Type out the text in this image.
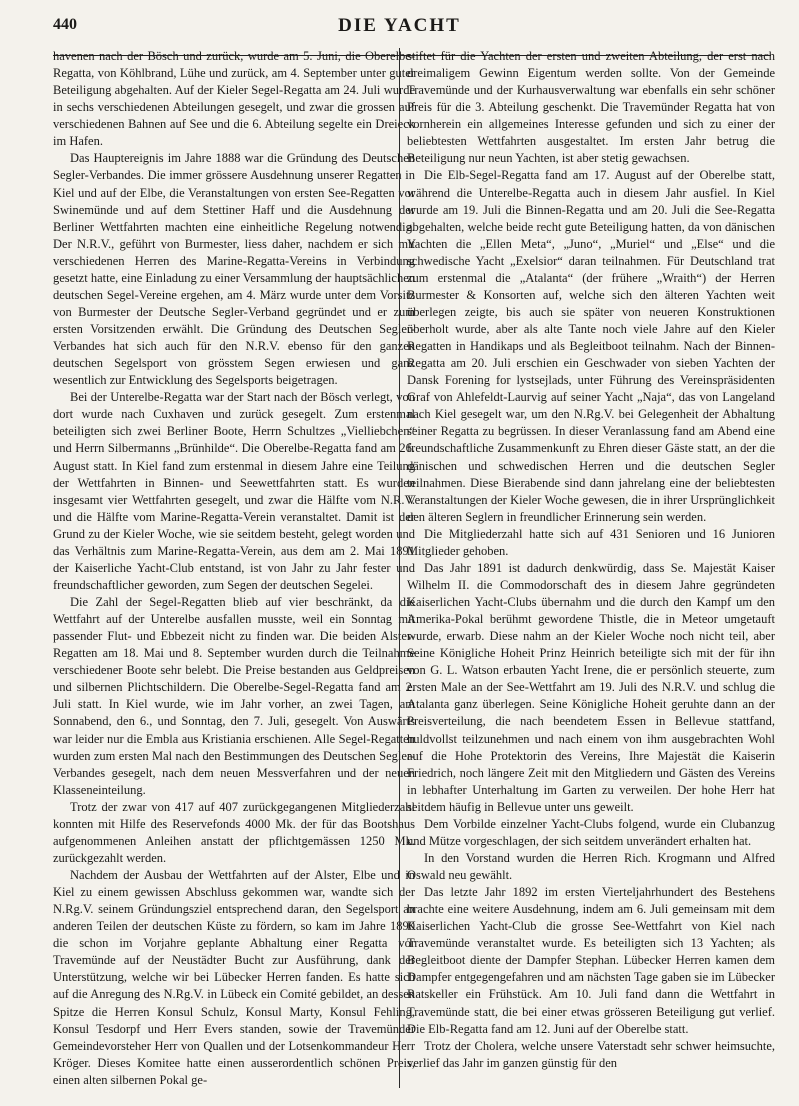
440	DIE YACHT

havenen nach der Bösch und zurück, wurde am 5. Juni, die Oberelbe-Regatta, von Köhlbrand, Lühe und zurück, am 4. September unter guter Beteiligung abgehalten. Auf der Kieler Segel-Regatta am 24. Juli wurde in sechs verschiedenen Abteilungen gesegelt, und zwar die grossen auf verschiedenen Bahnen auf See und die 6. Abteilung segelte ein Dreieck im Hafen.

Das Hauptereignis im Jahre 1888 war die Gründung des Deutschen Segler-Verbandes. Die immer grössere Ausdehnung unserer Regatten in Kiel und auf der Elbe, die Veranstaltungen von ersten See-Regatten vor Swinemünde und auf dem Stettiner Haff und die Ausdehnung der Berliner Wettfahrten machten eine einheitliche Regelung notwendig. Der N.R.V., geführt von Burmester, liess daher, nachdem er sich mit verschiedenen Herren des Marine-Regatta-Vereins in Verbindung gesetzt hatte, eine Einladung zu einer Versammlung der hauptsächlichen deutschen Segel-Vereine ergehen, am 4. März wurde unter dem Vorsitz von Burmester der Deutsche Segler-Verband gegründet und er zum ersten Vorsitzenden erwählt. Die Gründung des Deutschen Segler-Verbandes hat sich auch für den N.R.V. ebenso für den ganzen deutschen Segelsport von grösstem Segen erwiesen und ganz wesentlich zur Entwicklung des Segelsports beigetragen.

Bei der Unterelbe-Regatta war der Start nach der Bösch verlegt, von dort wurde nach Cuxhaven und zurück gesegelt. Zum erstenmal beteiligten sich zwei Berliner Boote, Herrn Schultzes „Vielliebchen“ und Herrn Silbermanns „Brünhilde“. Die Oberelbe-Regatta fand am 26. August statt. In Kiel fand zum erstenmal in diesem Jahre eine Teilung der Wettfahrten in Binnen- und Seewettfahrten statt. Es wurden insgesamt vier Wettfahrten gesegelt, und zwar die Hälfte vom N.R.V. und die Hälfte vom Marine-Regatta-Verein veranstaltet. Damit ist der Grund zu der Kieler Woche, wie sie seitdem besteht, gelegt worden und das Verhältnis zum Marine-Regatta-Verein, aus dem am 2. Mai 1891 der Kaiserliche Yacht-Club entstand, ist von Jahr zu Jahr fester und freundschaftlicher geworden, zum Segen der deutschen Segelei.

Die Zahl der Segel-Regatten blieb auf vier beschränkt, da die Wettfahrt auf der Unterelbe ausfallen musste, weil ein Sonntag mit passender Flut- und Ebbezeit nicht zu finden war. Die beiden Alster-Regatten am 18. Mai und 8. September wurden durch die Teilnahme verschiedener Boote sehr belebt. Die Preise bestanden aus Geldpreisen und silbernen Plichtschildern. Die Oberelbe-Segel-Regatta fand am 2. Juli statt. In Kiel wurde, wie im Jahr vorher, an zwei Tagen, am Sonnabend, den 6., und Sonntag, den 7. Juli, gesegelt. Von Auswärts war leider nur die Embla aus Kristiania erschienen. Alle Segel-Regatten wurden zum ersten Mal nach den Bestimmungen des Deutschen Segler-Verbandes gesegelt, nach dem neuen Messverfahren und der neuen Klasseneinteilung.

Trotz der zwar von 417 auf 407 zurückgegangenen Mitgliederzahl konnten mit Hilfe des Reservefonds 4000 Mk. der für das Bootshaus aufgenommenen Anleihen anstatt der pflichtgemässen 1250 Mk. zurückgezahlt werden.

Nachdem der Ausbau der Wettfahrten auf der Alster, Elbe und in Kiel zu einem gewissen Abschluss gekommen war, wandte sich der N.Rg.V. seinem Gründungsziel entsprechend daran, den Segelsport an anderen Teilen der deutschen Küste zu fördern, so kam im Jahre 1890 die schon im Vorjahre geplante Abhaltung einer Regatta vor Travemünde auf der Neustädter Bucht zur Ausführung, dank der Unterstützung, welche wir bei Lübecker Herren fanden. Es hatte sich auf die Anregung des N.Rg.V. in Lübeck ein Comité gebildet, an dessen Spitze die Herren Konsul Schulz, Konsul Marty, Konsul Fehling, Konsul Tesdorpf und Herr Evers standen, sowie der Travemünder Gemeindevorsteher Herr von Quallen und der Lotsenkommandeur Herr Kröger. Dieses Komitee hatte einen ausserordentlich schönen Preis, einen alten silbernen Pokal ge-

stiftet für die Yachten der ersten und zweiten Abteilung, der erst nach dreimaligem Gewinn Eigentum werden sollte. Von der Gemeinde Travemünde und der Kurhausverwaltung war ebenfalls ein sehr schöner Preis für die 3. Abteilung geschenkt. Die Travemünder Regatta hat von vornherein ein allgemeines Interesse gefunden und sich zu einer der beliebtesten Wettfahrten ausgestaltet. Im ersten Jahr betrug die Beteiligung nur neun Yachten, ist aber stetig gewachsen.

Die Elb-Segel-Regatta fand am 17. August auf der Oberelbe statt, während die Unterelbe-Regatta auch in diesem Jahr ausfiel. In Kiel wurde am 19. Juli die Binnen-Regatta und am 20. Juli die See-Regatta abgehalten, welche beide recht gute Beteiligung hatten, da von dänischen Yachten die „Ellen Meta“, „Juno“, „Muriel“ und „Else“ und die schwedische Yacht „Exelsior“ daran teilnahmen. Für Deutschland trat zum erstenmal die „Atalanta“ (der frühere „Wraith“) der Herren Burmester & Konsorten auf, welche sich den älteren Yachten weit überlegen zeigte, bis auch sie später von neueren Konstruktionen überholt wurde, aber als alte Tante noch viele Jahre auf den Kieler Regatten in Handikaps und als Begleitboot teilnahm. Nach der Binnen-Regatta am 20. Juli erschien ein Geschwader von sieben Yachten der Dansk Forening for lystsejlads, unter Führung des Vereinspräsidenten Graf von Ahlefeldt-Laurvig auf seiner Yacht „Naja“, das von Langeland nach Kiel gesegelt war, um den N.Rg.V. bei Gelegenheit der Abhaltung seiner Regatta zu begrüssen. In dieser Veranlassung fand am Abend eine freundschaftliche Zusammenkunft zu Ehren dieser Gäste statt, an der die dänischen und schwedischen Herren und die deutschen Segler teilnahmen. Diese Bierabende sind dann jahrelang eine der beliebtesten Veranstaltungen der Kieler Woche gewesen, die in ihrer Ursprünglichkeit den älteren Seglern in freundlicher Erinnerung sein werden.

Die Mitgliederzahl hatte sich auf 431 Senioren und 16 Junioren Mitglieder gehoben.

Das Jahr 1891 ist dadurch denkwürdig, dass Se. Majestät Kaiser Wilhelm II. die Commodorschaft des in diesem Jahre gegründeten Kaiserlichen Yacht-Clubs übernahm und die durch den Kampf um den Amerika-Pokal berühmt gewordene Thistle, die in Meteor umgetauft wurde, erwarb. Diese nahm an der Kieler Woche noch nicht teil, aber Seine Königliche Hoheit Prinz Heinrich beteiligte sich mit der für ihn von G. L. Watson erbauten Yacht Irene, die er persönlich steuerte, zum ersten Male an der See-Wettfahrt am 19. Juli des N.R.V. und schlug die Atalanta ganz überlegen. Seine Königliche Hoheit geruhte dann an der Preisverteilung, die nach beendetem Essen in Bellevue stattfand, huldvollst teilzunehmen und nach einem von ihm ausgebrachten Wohl auf die Hohe Protektorin des Vereins, Ihre Majestät die Kaiserin Friedrich, noch längere Zeit mit den Mitgliedern und Gästen des Vereins in lebhafter Unterhaltung im Garten zu verweilen. Der hohe Herr hat seitdem häufig in Bellevue unter uns geweilt.

Dem Vorbilde einzelner Yacht-Clubs folgend, wurde ein Clubanzug und Mütze vorgeschlagen, der sich seitdem unverändert erhalten hat.

In den Vorstand wurden die Herren Rich. Krogmann und Alfred Oswald neu gewählt.

Das letzte Jahr 1892 im ersten Vierteljahrhundert des Bestehens brachte eine weitere Ausdehnung, indem am 6. Juli gemeinsam mit dem Kaiserlichen Yacht-Club die grosse See-Wettfahrt von Kiel nach Travemünde veranstaltet wurde. Es beteiligten sich 13 Yachten; als Begleitboot diente der Dampfer Stephan. Lübecker Herren kamen dem Dampfer entgegengefahren und am nächsten Tage gaben sie im Lübecker Ratskeller ein Frühstück. Am 10. Juli fand dann die Wettfahrt in Travemünde statt, die bei einer etwas grösseren Beteiligung gut verlief. Die Elb-Regatta fand am 12. Juni auf der Oberelbe statt.

Trotz der Cholera, welche unsere Vaterstadt sehr schwer heimsuchte, verlief das Jahr im ganzen günstig für den
